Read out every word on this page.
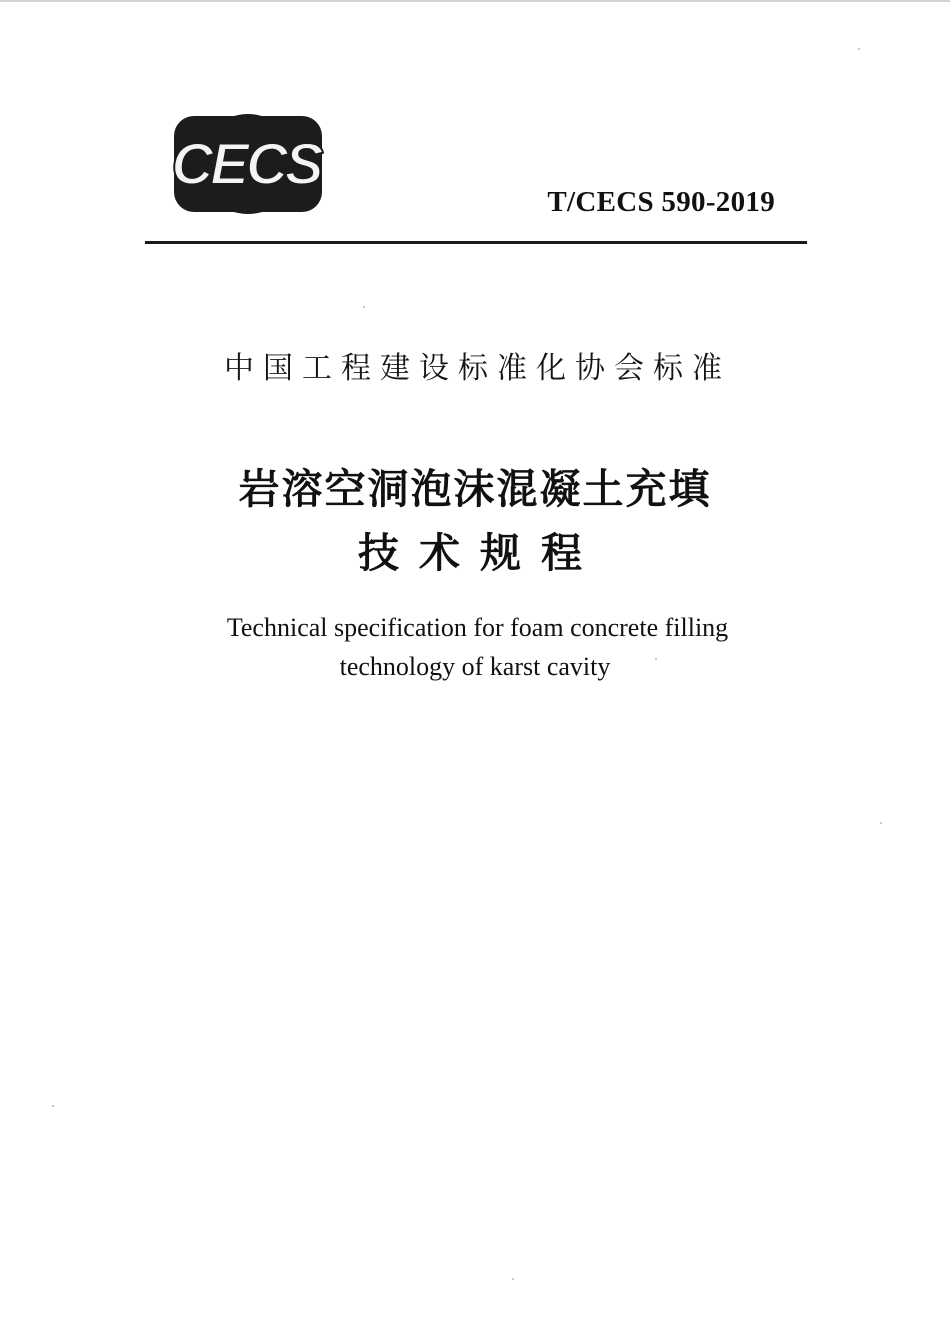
CECS
T/CECS 590-2019
中国工程建设标准化协会标准
岩溶空洞泡沫混凝土充填
技术规程
Technical specification for foam concrete filling
technology of karst cavity
